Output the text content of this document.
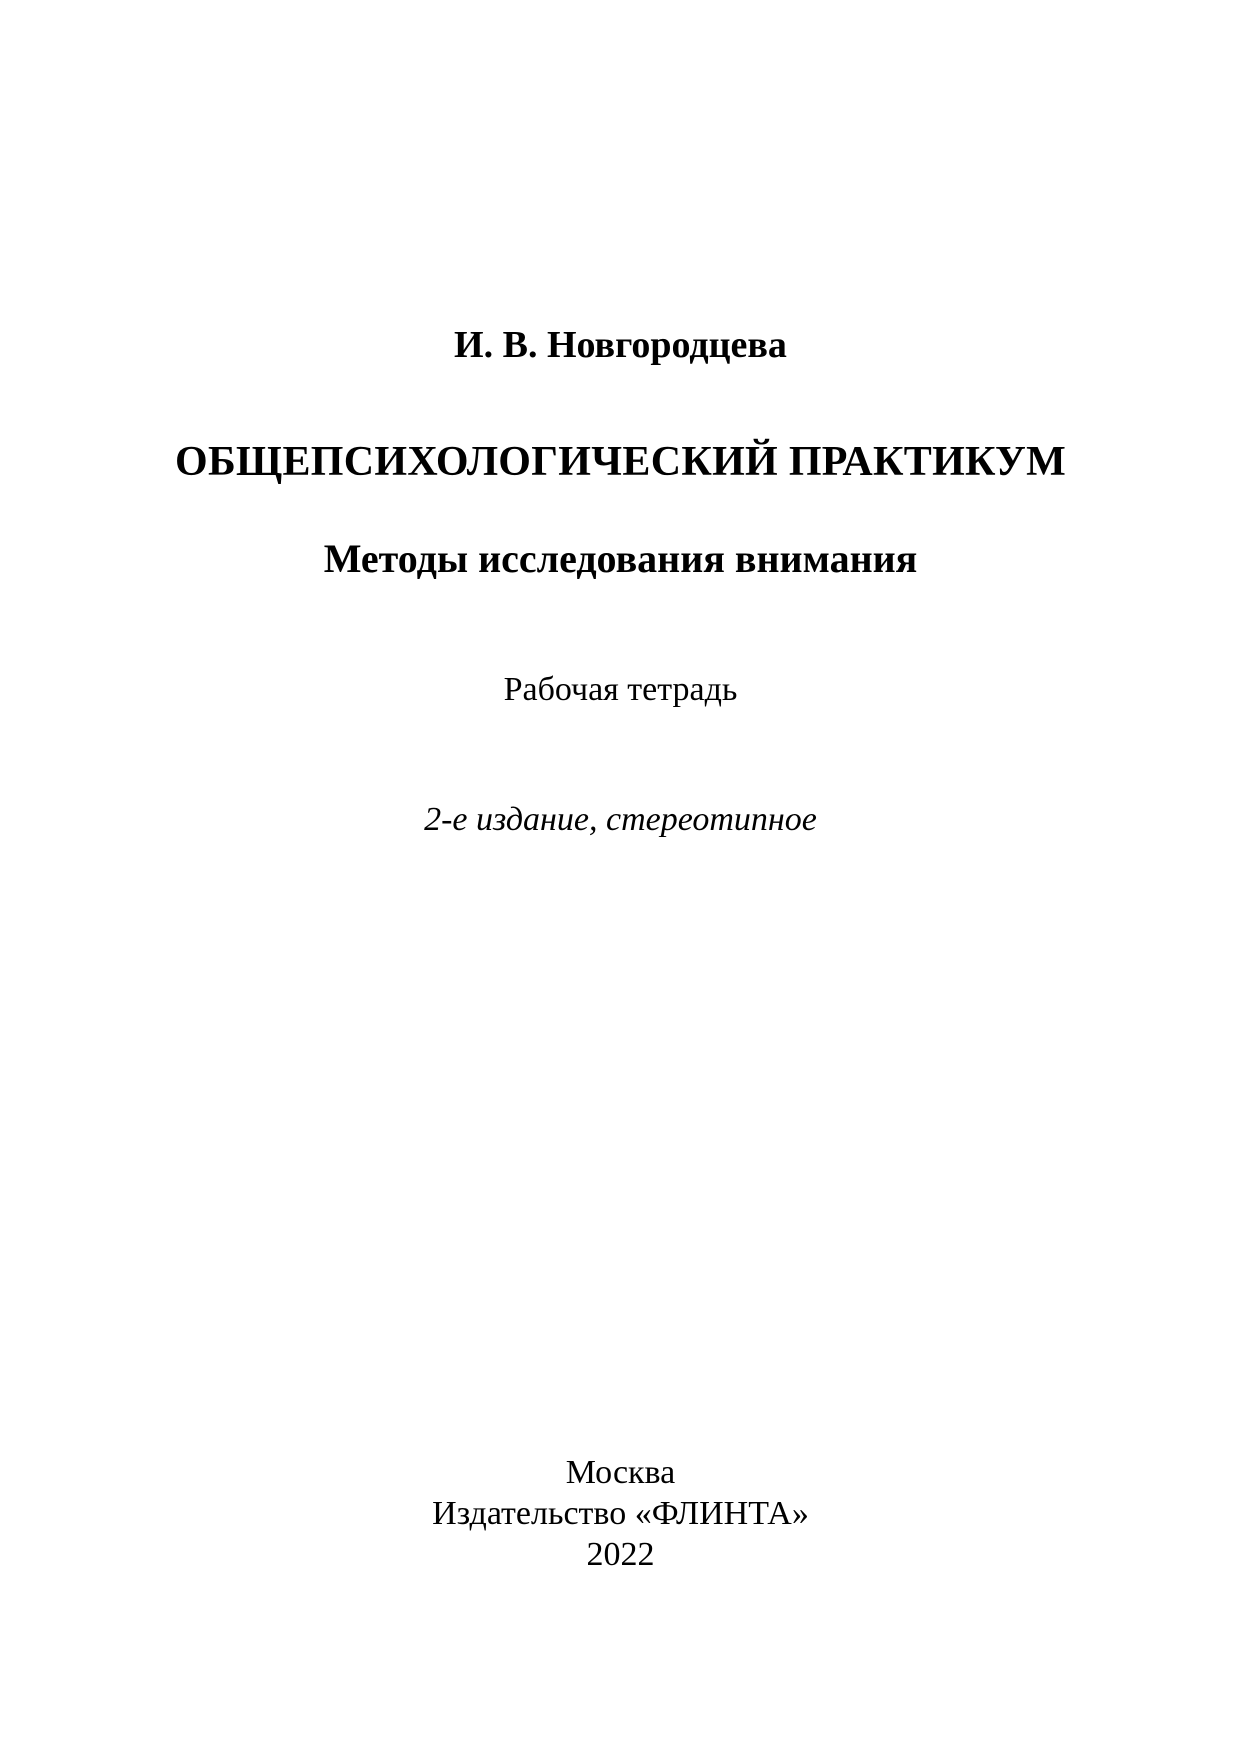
И. В. Новгородцева
ОБЩЕПСИХОЛОГИЧЕСКИЙ ПРАКТИКУМ
Методы исследования внимания
Рабочая тетрадь
2-е издание, стереотипное
Москва
Издательство «ФЛИНТА»
2022
